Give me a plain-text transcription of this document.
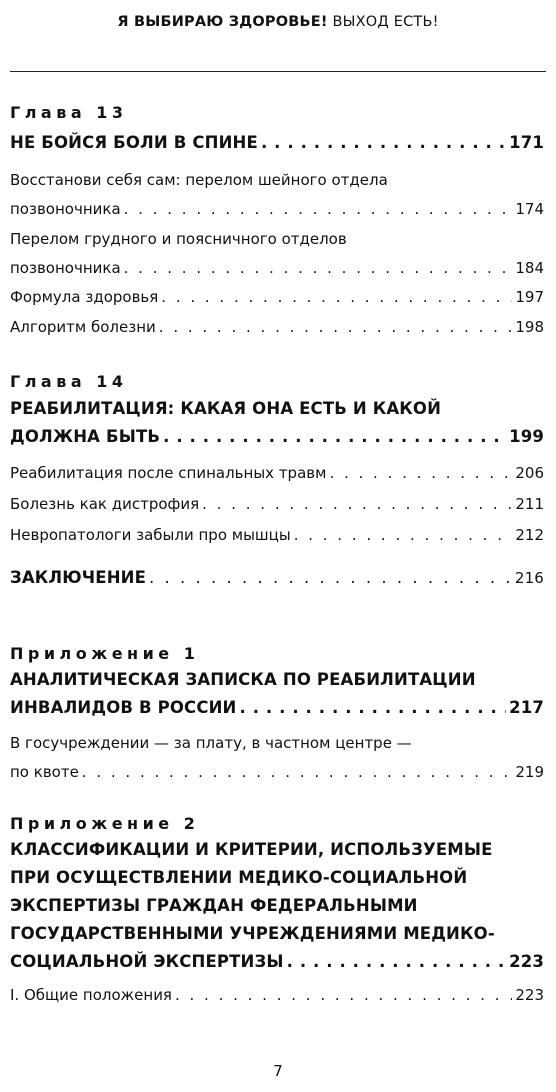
Я ВЫБИРАЮ ЗДОРОВЬЕ! ВЫХОД ЕСТЬ!
Глава 13
НЕ БОЙСЯ БОЛИ В СПИНЕ . . .	171
Восстанови себя сам: перелом шейного отдела
позвоночника . . .	174
Перелом грудного и поясничного отделов
позвоночника . . .	184
Формула здоровья . . .	197
Алгоритм болезни . . .	198
Глава 14
РЕАБИЛИТАЦИЯ: КАКАЯ ОНА ЕСТЬ И КАКОЙ
ДОЛЖНА БЫТЬ . . .	199
Реабилитация после спинальных травм . . .	206
Болезнь как дистрофия . . .	211
Невропатологи забыли про мышцы . . .	212
ЗАКЛЮЧЕНИЕ . . .	216
Приложение 1
АНАЛИТИЧЕСКАЯ ЗАПИСКА ПО РЕАБИЛИТАЦИИ
ИНВАЛИДОВ В РОССИИ . . .	217
В госучреждении — за плату, в частном центре —
по квоте . . .	219
Приложение 2
КЛАССИФИКАЦИИ И КРИТЕРИИ, ИСПОЛЬЗУЕМЫЕ
ПРИ ОСУЩЕСТВЛЕНИИ МЕДИКО-СОЦИАЛЬНОЙ
ЭКСПЕРТИЗЫ ГРАЖДАН ФЕДЕРАЛЬНЫМИ
ГОСУДАРСТВЕННЫМИ УЧРЕЖДЕНИЯМИ МЕДИКО-
СОЦИАЛЬНОЙ ЭКСПЕРТИЗЫ . . .	223
I. Общие положения . . .	223
7
